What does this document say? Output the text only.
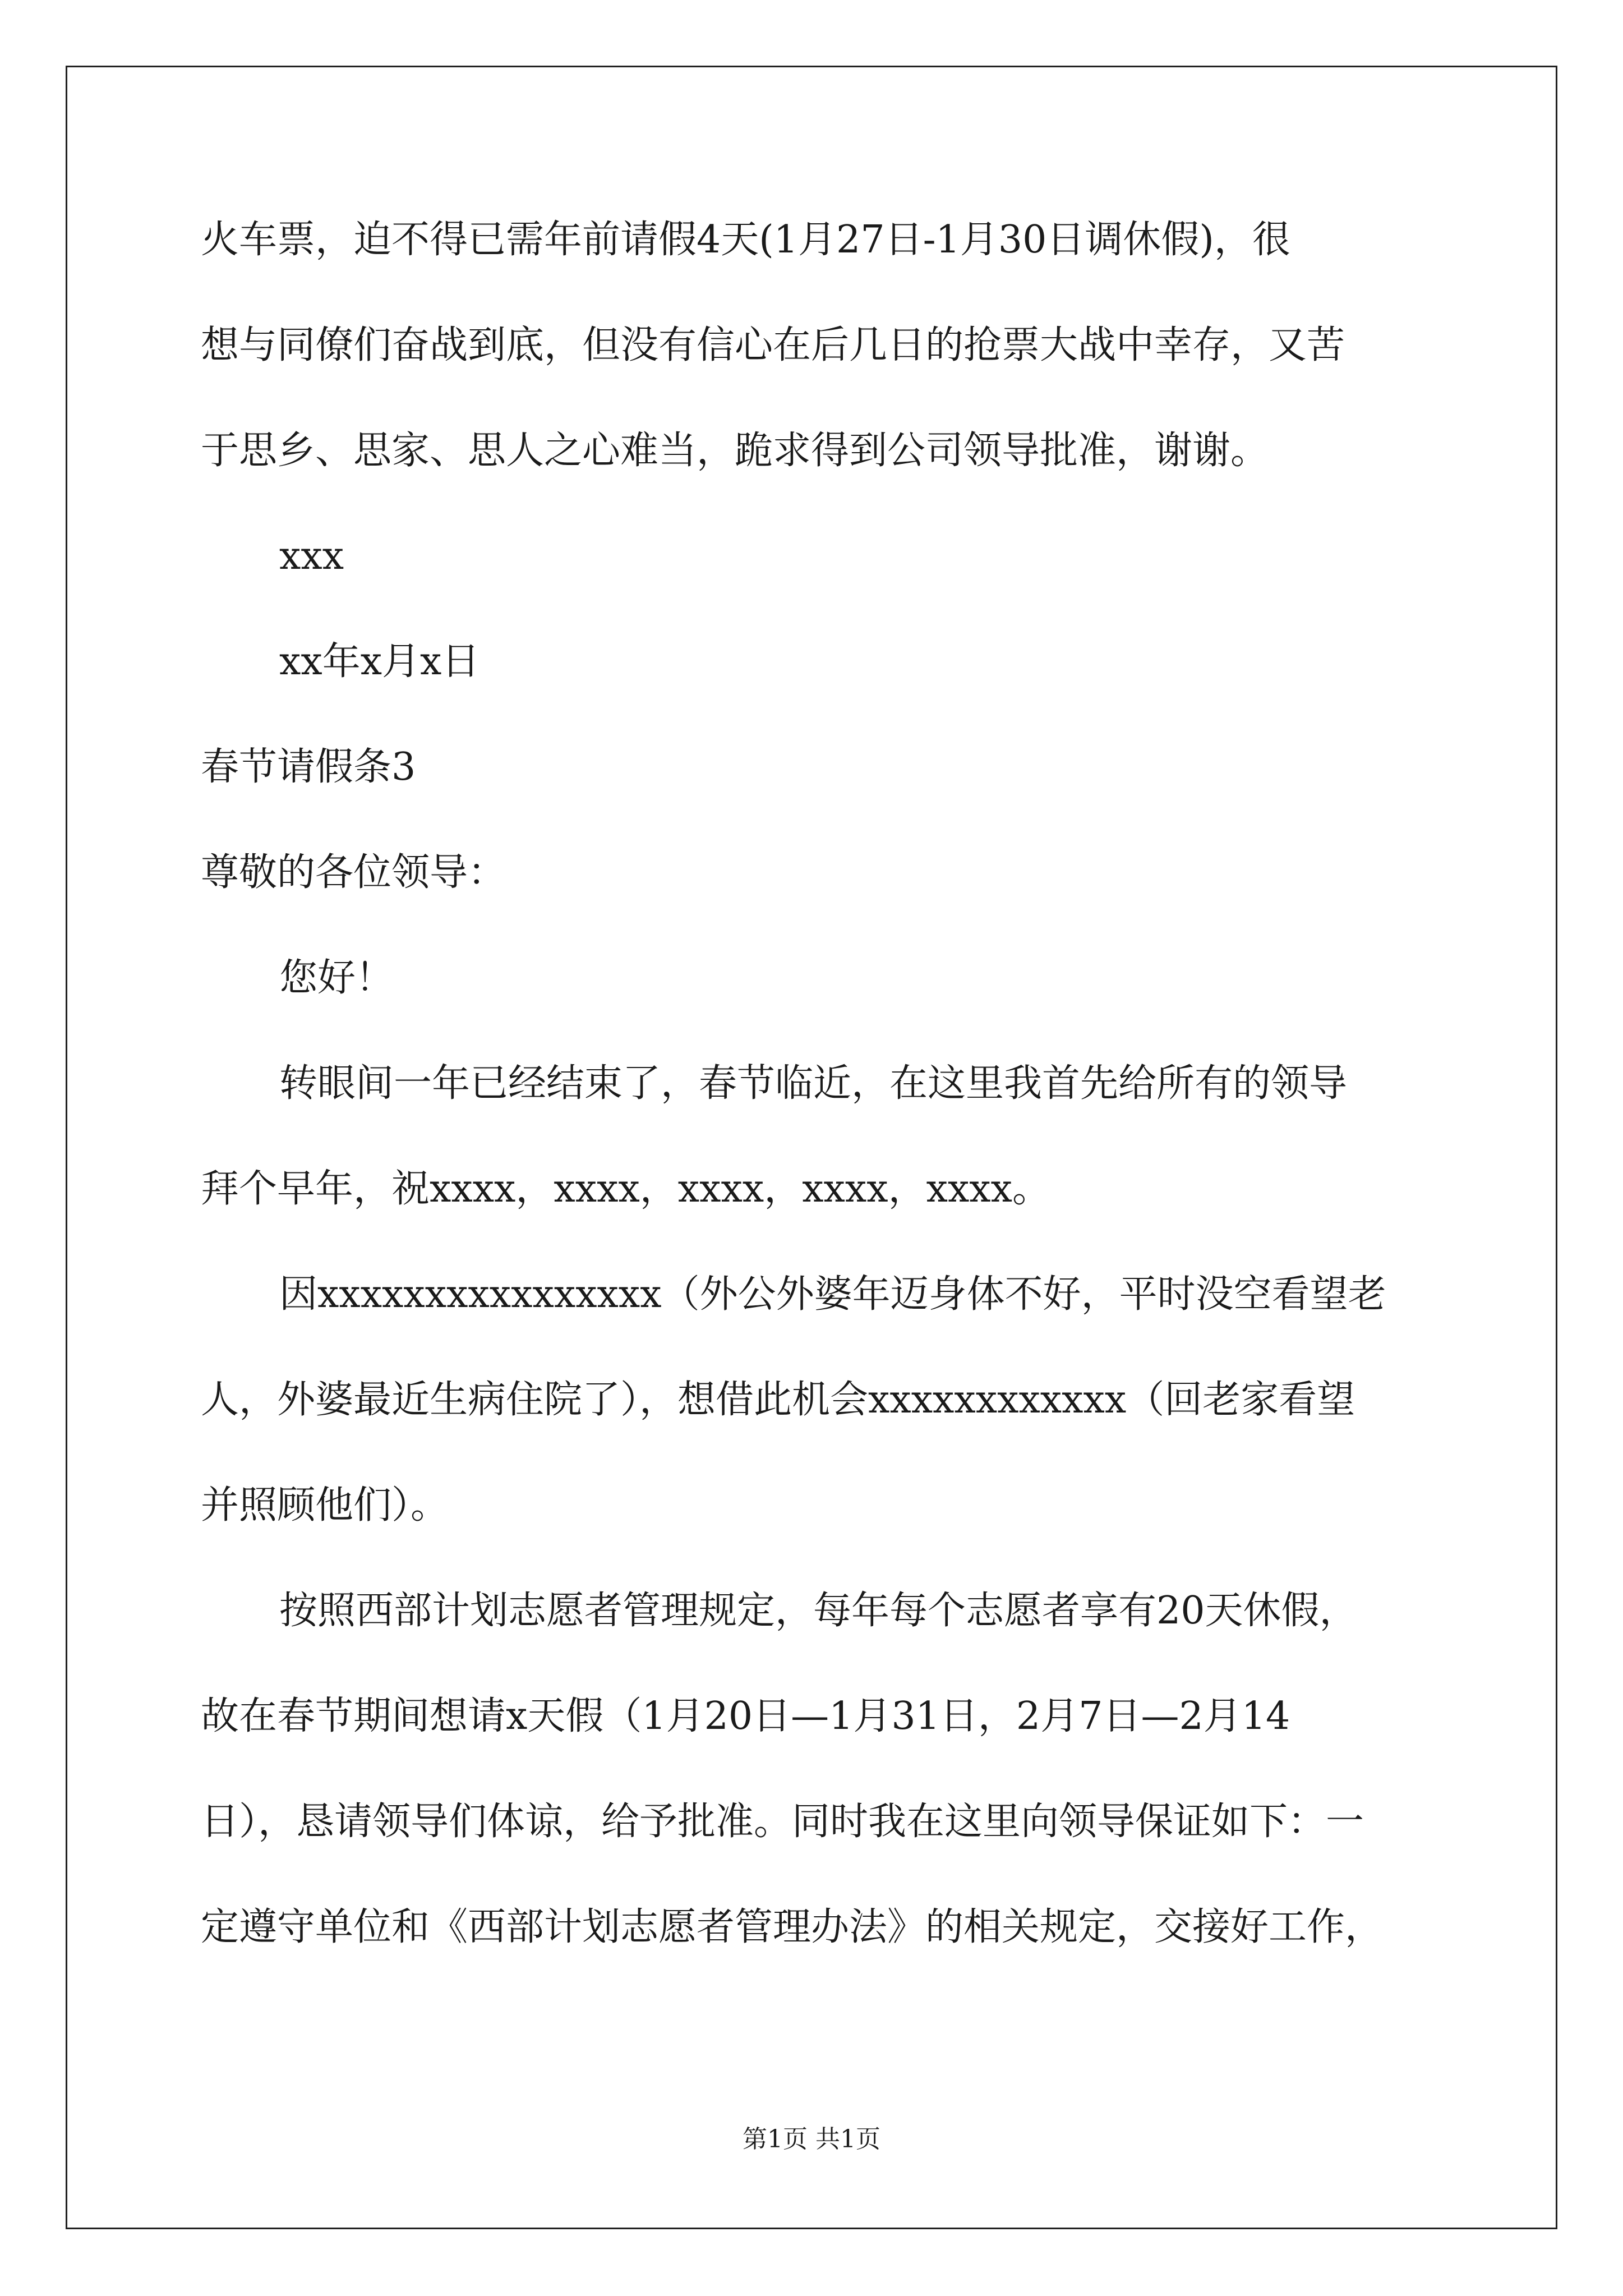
火车票，迫不得已需年前请假4天(1月27日-1月30日调休假)，很
想与同僚们奋战到底，但没有信心在后几日的抢票大战中幸存，又苦
于思乡、思家、思人之心难当，跪求得到公司领导批准，谢谢。
xxx
xx年x月x日
春节请假条3
尊敬的各位领导：
您好！
转眼间一年已经结束了，春节临近，在这里我首先给所有的领导
拜个早年，祝xxxx，xxxx，xxxx，xxxx，xxxx。
因xxxxxxxxxxxxxxxx（外公外婆年迈身体不好，平时没空看望老
人，外婆最近生病住院了），想借此机会xxxxxxxxxxxx（回老家看望
并照顾他们）。
按照西部计划志愿者管理规定，每年每个志愿者享有20天休假，
故在春节期间想请x天假（1月20日—1月31日，2月7日—2月14
日），恳请领导们体谅，给予批准。同时我在这里向领导保证如下：一
定遵守单位和《西部计划志愿者管理办法》的相关规定，交接好工作，
第1页 共1页
